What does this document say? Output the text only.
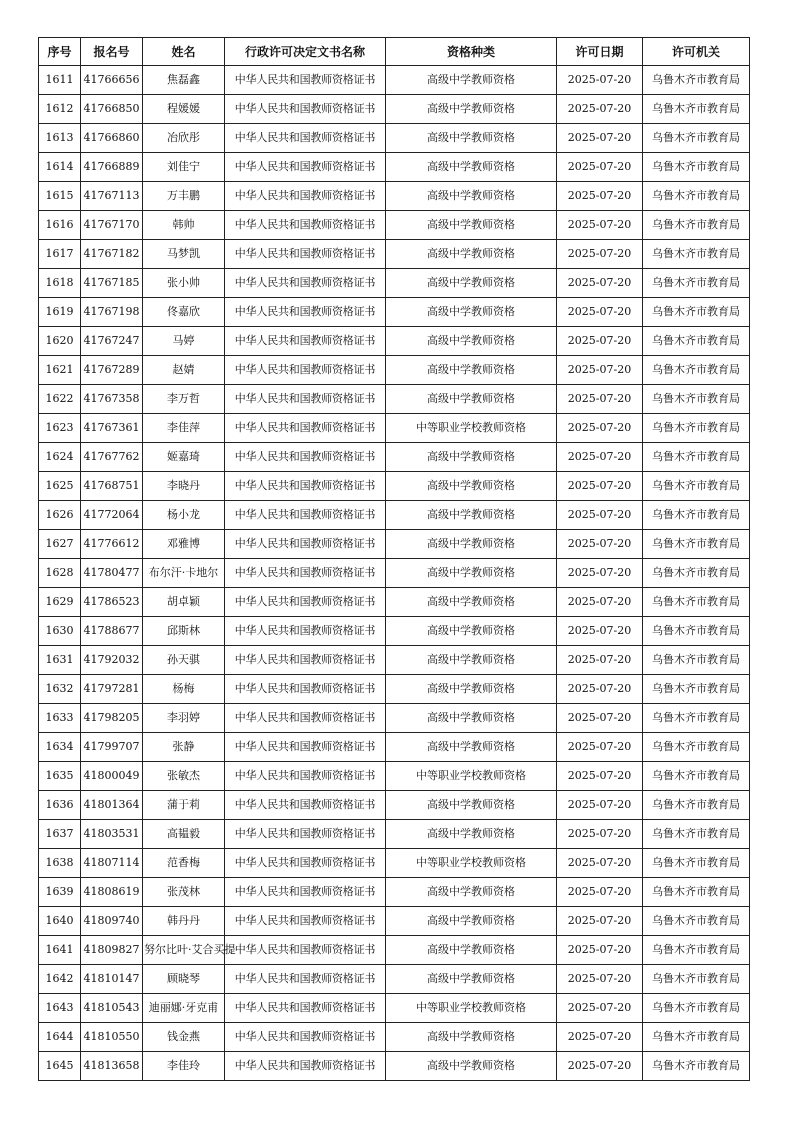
序号	报名号	姓名	行政许可决定文书名称	资格种类	许可日期	许可机关
1611	41766656	焦磊鑫	中华人民共和国教师资格证书	高级中学教师资格	2025-07-20	乌鲁木齐市教育局
1612	41766850	程媛媛	中华人民共和国教师资格证书	高级中学教师资格	2025-07-20	乌鲁木齐市教育局
1613	41766860	冶欣彤	中华人民共和国教师资格证书	高级中学教师资格	2025-07-20	乌鲁木齐市教育局
1614	41766889	刘佳宁	中华人民共和国教师资格证书	高级中学教师资格	2025-07-20	乌鲁木齐市教育局
1615	41767113	万丰鹏	中华人民共和国教师资格证书	高级中学教师资格	2025-07-20	乌鲁木齐市教育局
1616	41767170	韩帅	中华人民共和国教师资格证书	高级中学教师资格	2025-07-20	乌鲁木齐市教育局
1617	41767182	马梦凯	中华人民共和国教师资格证书	高级中学教师资格	2025-07-20	乌鲁木齐市教育局
1618	41767185	张小帅	中华人民共和国教师资格证书	高级中学教师资格	2025-07-20	乌鲁木齐市教育局
1619	41767198	佟嘉欣	中华人民共和国教师资格证书	高级中学教师资格	2025-07-20	乌鲁木齐市教育局
1620	41767247	马婷	中华人民共和国教师资格证书	高级中学教师资格	2025-07-20	乌鲁木齐市教育局
1621	41767289	赵婧	中华人民共和国教师资格证书	高级中学教师资格	2025-07-20	乌鲁木齐市教育局
1622	41767358	李万哲	中华人民共和国教师资格证书	高级中学教师资格	2025-07-20	乌鲁木齐市教育局
1623	41767361	李佳萍	中华人民共和国教师资格证书	中等职业学校教师资格	2025-07-20	乌鲁木齐市教育局
1624	41767762	姬嘉琦	中华人民共和国教师资格证书	高级中学教师资格	2025-07-20	乌鲁木齐市教育局
1625	41768751	李晓丹	中华人民共和国教师资格证书	高级中学教师资格	2025-07-20	乌鲁木齐市教育局
1626	41772064	杨小龙	中华人民共和国教师资格证书	高级中学教师资格	2025-07-20	乌鲁木齐市教育局
1627	41776612	邓雅博	中华人民共和国教师资格证书	高级中学教师资格	2025-07-20	乌鲁木齐市教育局
1628	41780477	布尔汗·卡地尔	中华人民共和国教师资格证书	高级中学教师资格	2025-07-20	乌鲁木齐市教育局
1629	41786523	胡卓颖	中华人民共和国教师资格证书	高级中学教师资格	2025-07-20	乌鲁木齐市教育局
1630	41788677	邱斯林	中华人民共和国教师资格证书	高级中学教师资格	2025-07-20	乌鲁木齐市教育局
1631	41792032	孙天骐	中华人民共和国教师资格证书	高级中学教师资格	2025-07-20	乌鲁木齐市教育局
1632	41797281	杨梅	中华人民共和国教师资格证书	高级中学教师资格	2025-07-20	乌鲁木齐市教育局
1633	41798205	李羽婷	中华人民共和国教师资格证书	高级中学教师资格	2025-07-20	乌鲁木齐市教育局
1634	41799707	张静	中华人民共和国教师资格证书	高级中学教师资格	2025-07-20	乌鲁木齐市教育局
1635	41800049	张敏杰	中华人民共和国教师资格证书	中等职业学校教师资格	2025-07-20	乌鲁木齐市教育局
1636	41801364	蒲于莉	中华人民共和国教师资格证书	高级中学教师资格	2025-07-20	乌鲁木齐市教育局
1637	41803531	高韫毅	中华人民共和国教师资格证书	高级中学教师资格	2025-07-20	乌鲁木齐市教育局
1638	41807114	范香梅	中华人民共和国教师资格证书	中等职业学校教师资格	2025-07-20	乌鲁木齐市教育局
1639	41808619	张茂林	中华人民共和国教师资格证书	高级中学教师资格	2025-07-20	乌鲁木齐市教育局
1640	41809740	韩丹丹	中华人民共和国教师资格证书	高级中学教师资格	2025-07-20	乌鲁木齐市教育局
1641	41809827	努尔比叶·艾合买提	中华人民共和国教师资格证书	高级中学教师资格	2025-07-20	乌鲁木齐市教育局
1642	41810147	顾晓琴	中华人民共和国教师资格证书	高级中学教师资格	2025-07-20	乌鲁木齐市教育局
1643	41810543	迪丽娜·牙克甫	中华人民共和国教师资格证书	中等职业学校教师资格	2025-07-20	乌鲁木齐市教育局
1644	41810550	钱金燕	中华人民共和国教师资格证书	高级中学教师资格	2025-07-20	乌鲁木齐市教育局
1645	41813658	李佳玲	中华人民共和国教师资格证书	高级中学教师资格	2025-07-20	乌鲁木齐市教育局
